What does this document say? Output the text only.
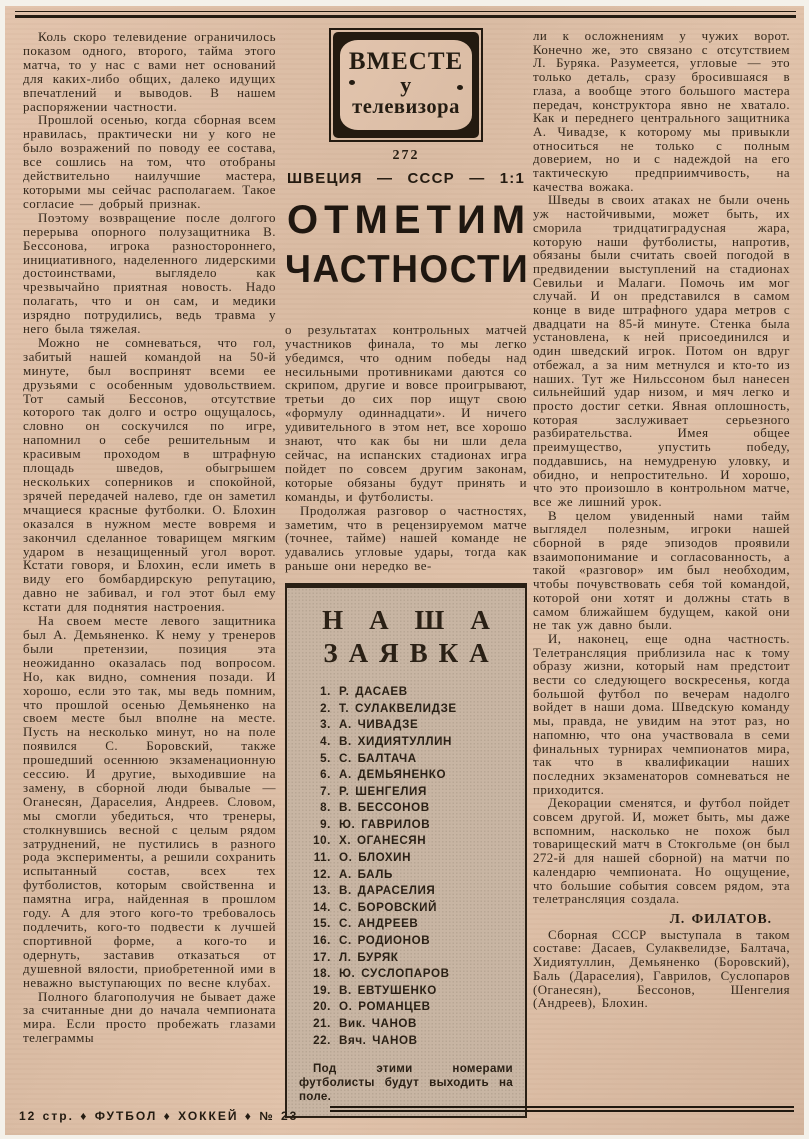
Коль скоро телевидение ограничилось показом одного, второго, тайма этого матча, то у нас с вами нет оснований для каких-либо общих, далеко идущих впечатлений и выводов. В нашем распоряжении частности.

Прошлой осенью, когда сборная всем нравилась, практически ни у кого не было возражений по поводу ее состава, все сошлись на том, что отобраны действительно наилучшие мастера, которыми мы сейчас располагаем. Такое согласие — добрый признак.

Поэтому возвращение после долгого перерыва опорного полузащитника В. Бессонова, игрока разностороннего, инициативного, наделенного лидерскими достоинствами, выглядело как чрезвычайно приятная новость. Надо полагать, что и он сам, и медики изрядно потрудились, ведь травма у него была тяжелая.

Можно не сомневаться, что гол, забитый нашей командой на 50-й минуте, был воспринят всеми ее друзьями с особенным удовольствием. Тот самый Бессонов, отсутствие которого так долго и остро ощущалось, словно он соскучился по игре, напомнил о себе решительным и красивым проходом в штрафную площадь шведов, обыгрышем нескольких соперников и спокойной, зрячей передачей налево, где он заметил мчащиеся красные футболки. О. Блохин оказался в нужном месте вовремя и закончил сделанное товарищем мягким ударом в незащищенный угол ворот. Кстати говоря, и Блохин, если иметь в виду его бомбардирскую репутацию, давно не забивал, и гол этот был ему кстати для поднятия настроения.

На своем месте левого защитника был А. Демьяненко. К нему у тренеров были претензии, позиция эта неожиданно оказалась под вопросом. Но, как видно, сомнения позади. И хорошо, если это так, мы ведь помним, что прошлой осенью Демьяненко на своем месте был вполне на месте. Пусть на несколько минут, но на поле появился С. Боровский, также прошедший осеннюю экзаменационную сессию. И другие, выходившие на замену, в сборной люди бывалые — Оганесян, Дараселия, Андреев. Словом, мы смогли убедиться, что тренеры, столкнувшись весной с целым рядом затруднений, не пустились в разного рода эксперименты, а решили сохранить испытанный состав, всех тех футболистов, которым свойственна и памятна игра, найденная в прошлом году. А для этого кого-то требовалось подлечить, кого-то подвести к лучшей спортивной форме, а кого-то и одернуть, заставив отказаться от душевной вялости, приобретенной ими в неважно выступающих по весне клубах.

Полного благополучия не бывает даже за считанные дни до начала чемпионата мира. Если просто пробежать глазами телеграммы

ВМЕСТЕ
у
телевизора
272
ШВЕЦИЯ — СССР — 1:1
ОТМЕТИМ
ЧАСТНОСТИ

о результатах контрольных матчей участников финала, то мы легко убедимся, что одним победы над несильными противниками даются со скрипом, другие и вовсе проигрывают, третьи до сих пор ищут свою «формулу одиннадцати». И ничего удивительного в этом нет, все хорошо знают, что как бы ни шли дела сейчас, на испанских стадионах игра пойдет по совсем другим законам, которые обязаны будут принять и команды, и футболисты.

Продолжая разговор о частностях, заметим, что в рецензируемом матче (точнее, тайме) нашей команде не удавались угловые удары, тогда как раньше они нередко ве-

НАША
ЗАЯВКА
1. Р. ДАСАЕВ
2. Т. СУЛАКВЕЛИДЗЕ
3. А. ЧИВАДЗЕ
4. В. ХИДИЯТУЛЛИН
5. С. БАЛТАЧА
6. А. ДЕМЬЯНЕНКО
7. Р. ШЕНГЕЛИЯ
8. В. БЕССОНОВ
9. Ю. ГАВРИЛОВ
10. Х. ОГАНЕСЯН
11. О. БЛОХИН
12. А. БАЛЬ
13. В. ДАРАСЕЛИЯ
14. С. БОРОВСКИЙ
15. С. АНДРЕЕВ
16. С. РОДИОНОВ
17. Л. БУРЯК
18. Ю. СУСЛОПАРОВ
19. В. ЕВТУШЕНКО
20. О. РОМАНЦЕВ
21. Вик. ЧАНОВ
22. Вяч. ЧАНОВ
Под этими номерами футболисты будут выходить на поле.

ли к осложнениям у чужих ворот. Конечно же, это связано с отсутствием Л. Буряка. Разумеется, угловые — это только деталь, сразу бросившаяся в глаза, а вообще этого большого мастера передач, конструктора явно не хватало. Как и переднего центрального защитника А. Чивадзе, к которому мы привыкли относиться не только с полным доверием, но и с надеждой на его тактическую предприимчивость, на качества вожака.

Шведы в своих атаках не были очень уж настойчивыми, может быть, их сморила тридцатиградусная жара, которую наши футболисты, напротив, обязаны были считать своей погодой в предвидении выступлений на стадионах Севильи и Малаги. Помочь им мог случай. И он представился в самом конце в виде штрафного удара метров с двадцати на 85-й минуте. Стенка была установлена, к ней присоединился и один шведский игрок. Потом он вдруг отбежал, а за ним метнулся и кто-то из наших. Тут же Нильссоном был нанесен сильнейший удар низом, и мяч легко и просто достиг сетки. Явная оплошность, которая заслуживает серьезного разбирательства. Имея общее преимущество, упустить победу, поддавшись, на немудреную уловку, и обидно, и непростительно. И хорошо, что это произошло в контрольном матче, все же лишний урок.

В целом увиденный нами тайм выглядел полезным, игроки нашей сборной в ряде эпизодов проявили взаимопонимание и согласованность, а такой «разговор» им был необходим, чтобы почувствовать себя той командой, которой они хотят и должны стать в самом ближайшем будущем, какой они не так уж давно были.

И, наконец, еще одна частность. Телетрансляция приблизила нас к тому образу жизни, который нам предстоит вести со следующего воскресенья, когда большой футбол по вечерам надолго войдет в наши дома. Шведскую команду мы, правда, не увидим на этот раз, но напомню, что она участвовала в семи финальных турнирах чемпионатов мира, так что в квалификации наших последних экзаменаторов сомневаться не приходится.

Декорации сменятся, и футбол пойдет совсем другой. И, может быть, мы даже вспомним, насколько не похож был товарищеский матч в Стокгольме (он был 272-й для нашей сборной) на матчи по календарю чемпионата. Но ощущение, что большие события совсем рядом, эта телетрансляция создала.

Л. ФИЛАТОВ.

Сборная СССР выступала в таком составе: Дасаев, Сулаквелидзе, Балтача, Хидиятуллин, Демьяненко (Боровский), Баль (Дараселия), Гаврилов, Суслопаров (Оганесян), Бессонов, Шенгелия (Андреев), Блохин.

12 стр. ♦ ФУТБОЛ ♦ ХОККЕЙ ♦ № 23
